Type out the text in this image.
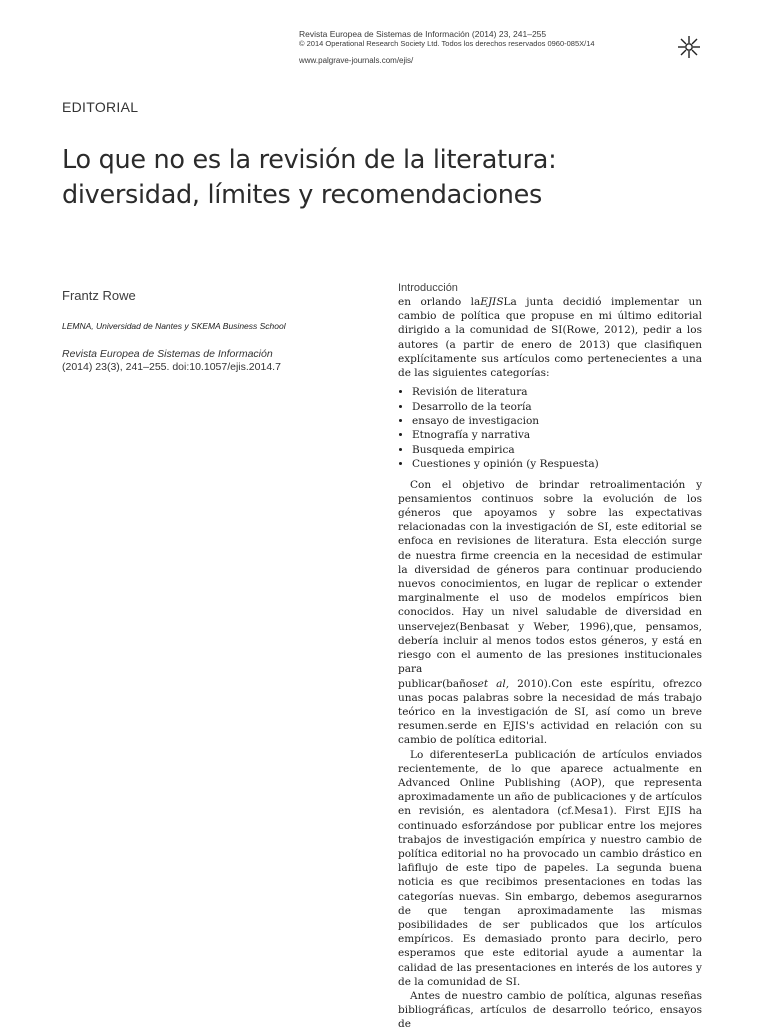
Revista Europea de Sistemas de Información (2014) 23, 241–255
© 2014 Operational Research Society Ltd. Todos los derechos reservados 0960-085X/14
www.palgrave-journals.com/ejis/
EDITORIAL
Lo que no es la revisión de la literatura:
diversidad, límites y recomendaciones
Frantz Rowe
LEMNA, Universidad de Nantes y SKEMA Business School
Revista Europea de Sistemas de Información
(2014) 23(3), 241–255. doi:10.1057/ejis.2014.7
Introducción

en orlando laEJISLa junta decidió implementar un cambio de política que propuse en mi último editorial dirigido a la comunidad de SI(Rowe, 2012), pedir a los autores (a partir de enero de 2013) que clasifiquen explícitamente sus artículos como pertenecientes a una de las siguientes categorías:

• Revisión de literatura
• Desarrollo de la teoría
• ensayo de investigacion
• Etnografía y narrativa
• Busqueda empirica
• Cuestiones y opinión (y Respuesta)

Con el objetivo de brindar retroalimentación y pensamientos continuos sobre la evolución de los géneros que apoyamos y sobre las expectativas relacionadas con la investigación de SI, este editorial se enfoca en revisiones de literatura. Esta elección surge de nuestra firme creencia en la necesidad de estimular la diversidad de géneros para continuar produciendo nuevos conocimientos, en lugar de replicar o extender marginalmente el uso de modelos empíricos bien conocidos. Hay un nivel saludable de diversidad en unservejez(Benbasat y Weber, 1996),que, pensamos, debería incluir al menos todos estos géneros, y está en riesgo con el aumento de las presiones institucionales para

publicar(bañoset al, 2010).Con este espíritu, ofrezco unas pocas palabras sobre la necesidad de más trabajo teórico en la investigación de SI, así como un breve resumen.serde en EJIS's actividad en relación con su cambio de política editorial.

Lo diferenteserLa publicación de artículos enviados recientemente, de lo que aparece actualmente en Advanced Online Publishing (AOP), que representa aproximadamente un año de publicaciones y de artículos en revisión, es alentadora (cf.Mesa1). First EJIS ha continuado esforzándose por publicar entre los mejores trabajos de investigación empírica y nuestro cambio de política editorial no ha provocado un cambio drástico en lafiflujo de este tipo de papeles. La segunda buena noticia es que recibimos presentaciones en todas las categorías nuevas. Sin embargo, debemos asegurarnos de que tengan aproximadamente las mismas posibilidades de ser publicados que los artículos empíricos. Es demasiado pronto para decirlo, pero esperamos que este editorial ayude a aumentar la calidad de las presentaciones en interés de los autores y de la comunidad de SI.

Antes de nuestro cambio de política, algunas reseñas bibliográficas, artículos de desarrollo teórico, ensayos de
